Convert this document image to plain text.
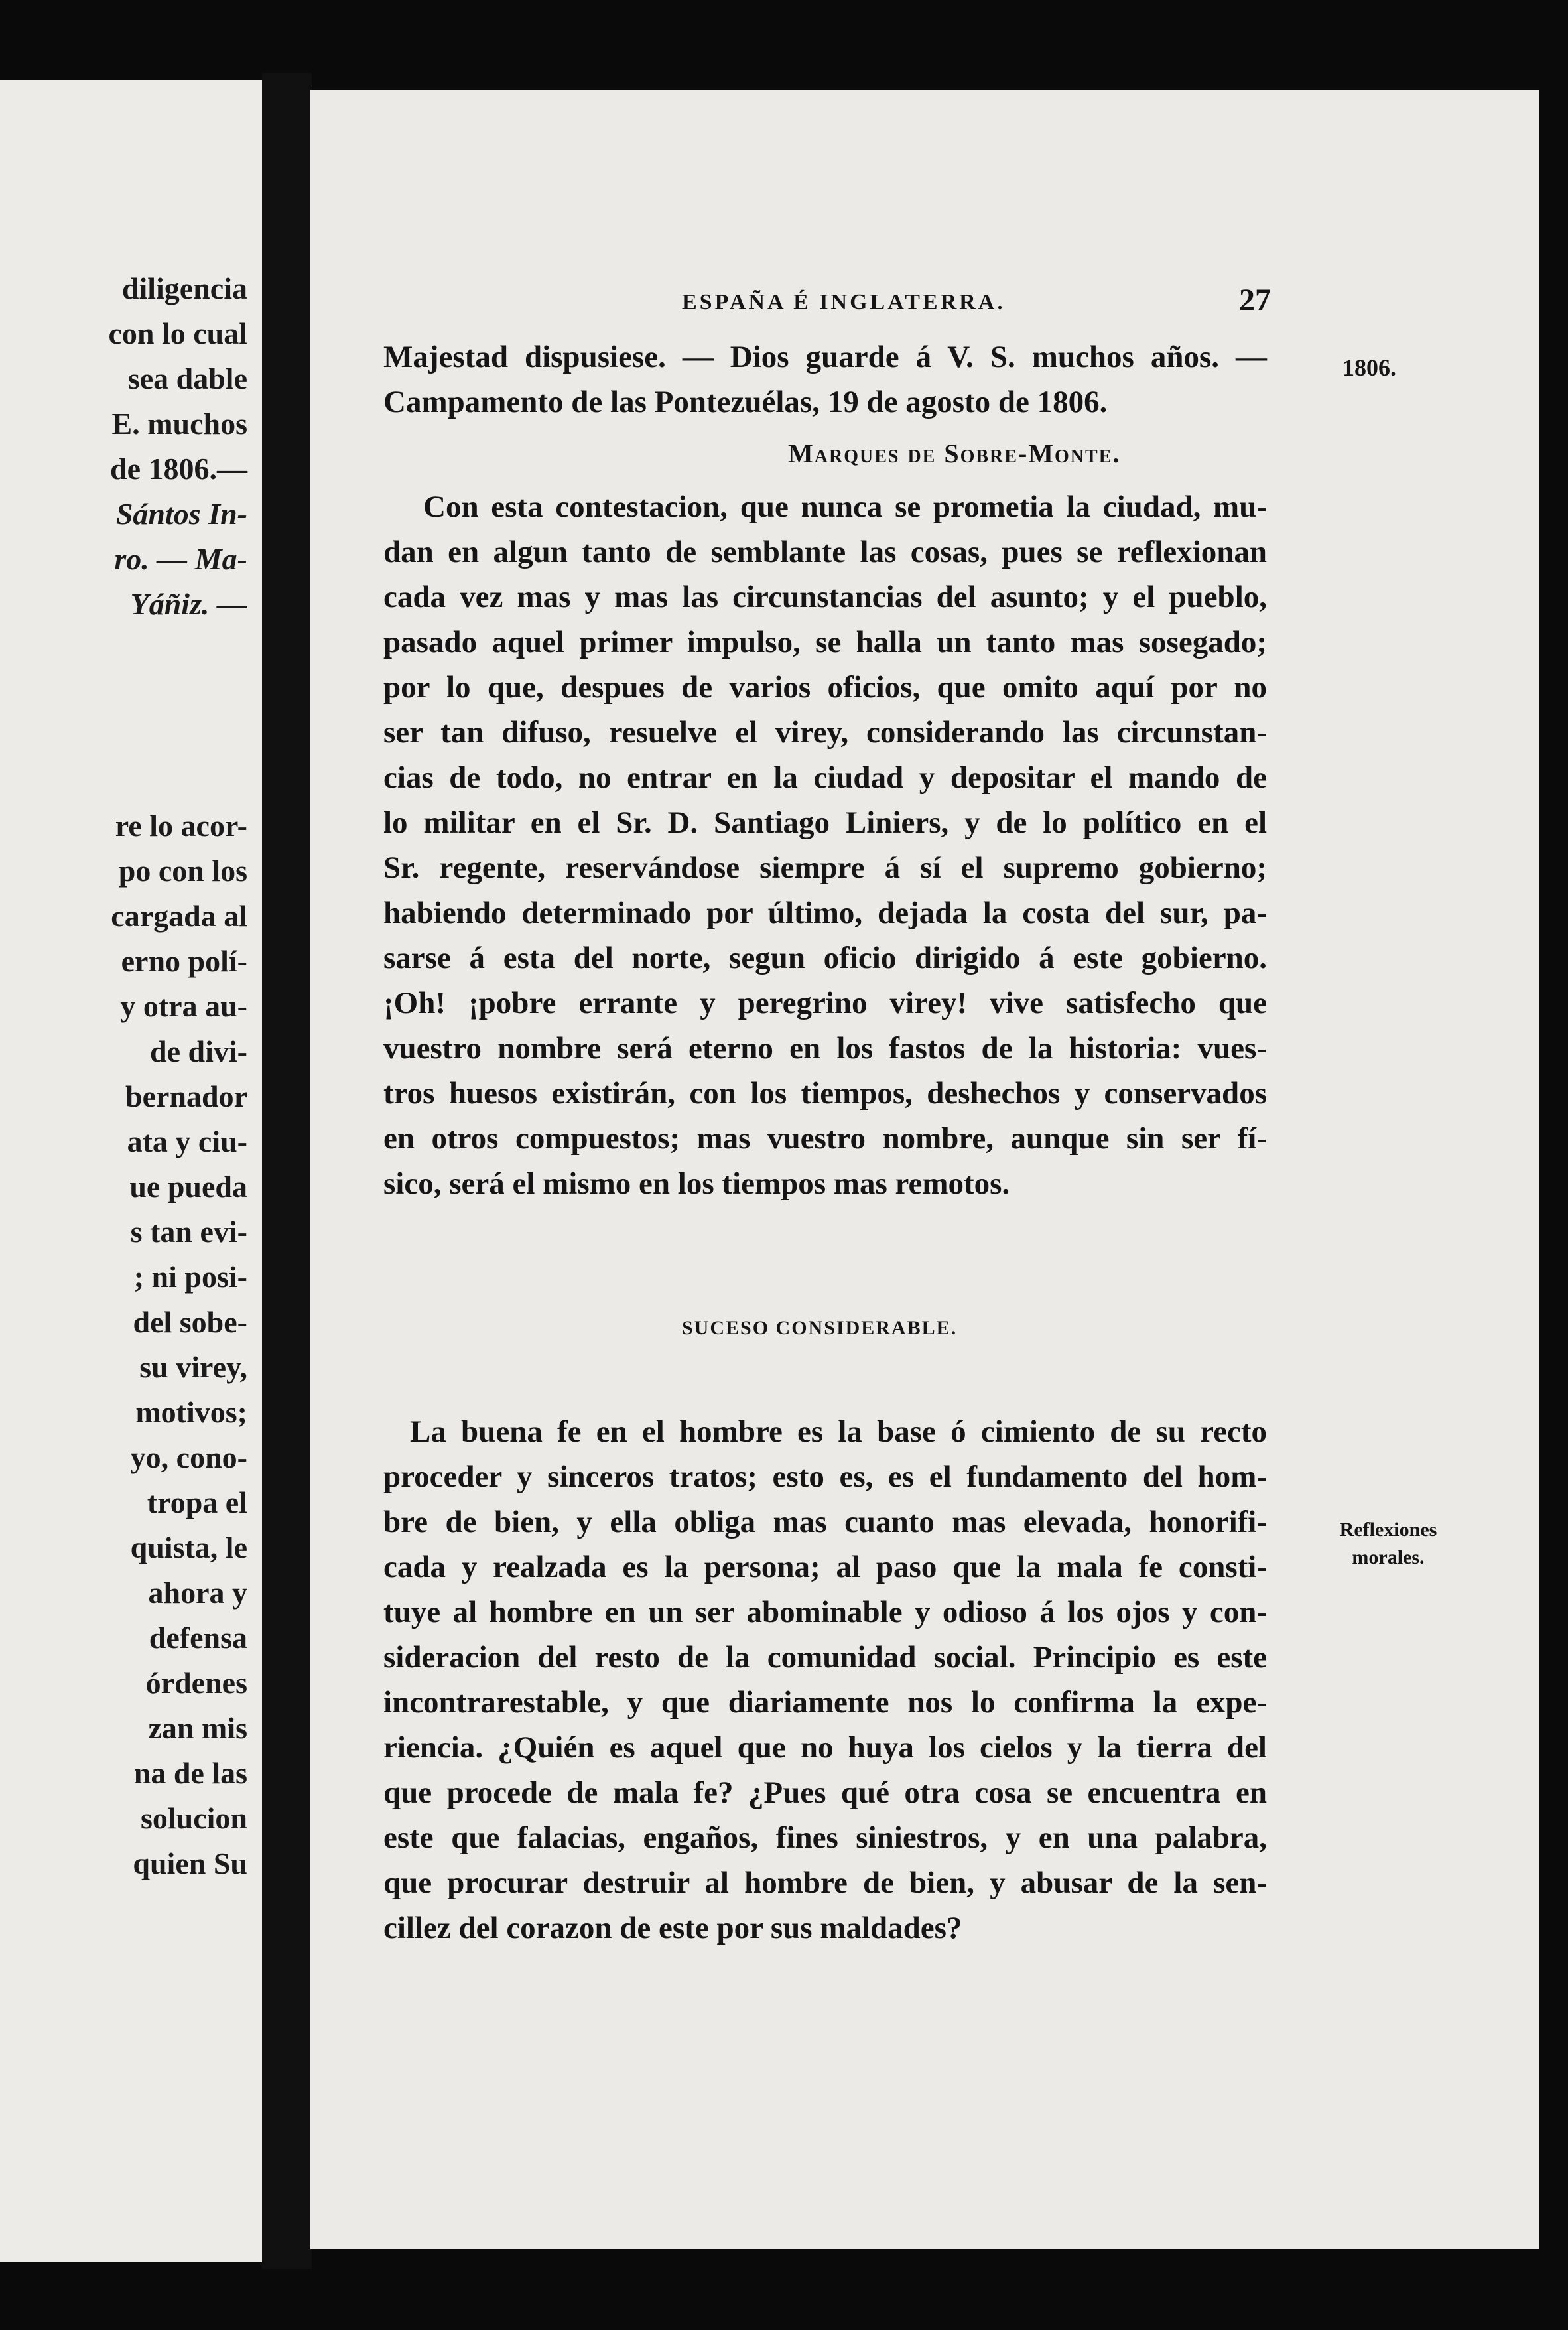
diligencia
con lo cual
sea dable
E. muchos
de 1806.—
Sántos In-
ro. — Ma-
Yáñiz. —
re lo acor-
po con los
cargada al
erno polí-
y otra au-
de divi-
bernador
ata y ciu-
ue pueda
s tan evi-
; ni posi-
del sobe-
su virey,
motivos;
yo, cono-
tropa el
quista, le
ahora y
defensa
órdenes
zan mis
na de las
solucion
quien Su
ESPAÑA É INGLATERRA.	27
1806.
Marques de Sobre-Monte.
SUCESO CONSIDERABLE.
Reflexiones
morales.
Majestad dispusiese. — Dios guarde á V. S. muchos años. —
Campamento de las Pontezuélas, 19 de agosto de 1806.
Con esta contestacion, que nunca se prometia la ciudad, mu-
dan en algun tanto de semblante las cosas, pues se reflexionan
cada vez mas y mas las circunstancias del asunto; y el pueblo,
pasado aquel primer impulso, se halla un tanto mas sosegado;
por lo que, despues de varios oficios, que omito aquí por no
ser tan difuso, resuelve el virey, considerando las circunstan-
cias de todo, no entrar en la ciudad y depositar el mando de
lo militar en el Sr. D. Santiago Liniers, y de lo político en el
Sr. regente, reservándose siempre á sí el supremo gobierno;
habiendo determinado por último, dejada la costa del sur, pa-
sarse á esta del norte, segun oficio dirigido á este gobierno.
¡Oh! ¡pobre errante y peregrino virey! vive satisfecho que
vuestro nombre será eterno en los fastos de la historia: vues-
tros huesos existirán, con los tiempos, deshechos y conservados
en otros compuestos; mas vuestro nombre, aunque sin ser fí-
sico, será el mismo en los tiempos mas remotos.
La buena fe en el hombre es la base ó cimiento de su recto
proceder y sinceros tratos; esto es, es el fundamento del hom-
bre de bien, y ella obliga mas cuanto mas elevada, honorifi-
cada y realzada es la persona; al paso que la mala fe consti-
tuye al hombre en un ser abominable y odioso á los ojos y con-
sideracion del resto de la comunidad social. Principio es este
incontrarestable, y que diariamente nos lo confirma la expe-
riencia. ¿Quién es aquel que no huya los cielos y la tierra del
que procede de mala fe? ¿Pues qué otra cosa se encuentra en
este que falacias, engaños, fines siniestros, y en una palabra,
que procurar destruir al hombre de bien, y abusar de la sen-
cillez del corazon de este por sus maldades?
